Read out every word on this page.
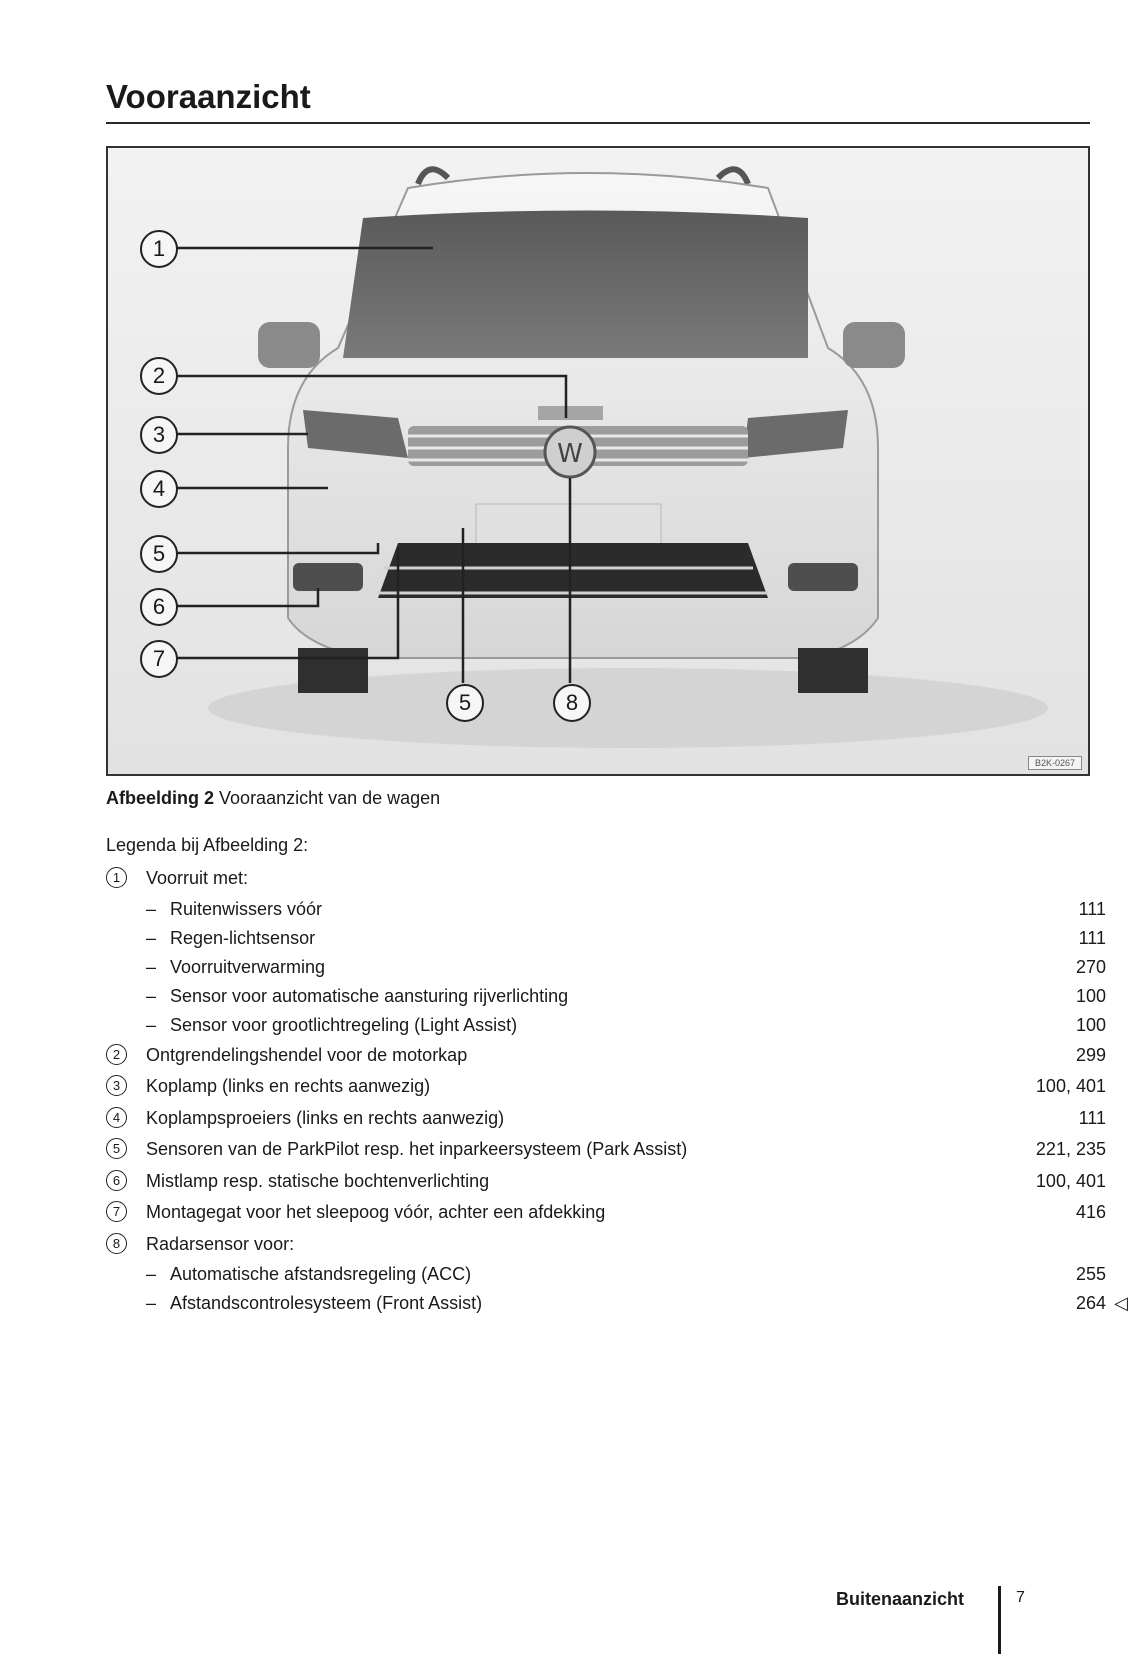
Vooraanzicht
W
1
2
3
4
5
6
7
5	8
B2K-0267
Afbeelding 2 Vooraanzicht van de wagen
Legenda bij Afbeelding 2:
1 Voorruit met:
– Ruitenwissers vóór	111
– Regen-lichtsensor	111
– Voorruitverwarming	270
– Sensor voor automatische aansturing rijverlichting	100
– Sensor voor grootlichtregeling (Light Assist)	100
2 Ontgrendelingshendel voor de motorkap	299
3 Koplamp (links en rechts aanwezig)	100, 401
4 Koplampsproeiers (links en rechts aanwezig)	111
5 Sensoren van de ParkPilot resp. het inparkeersysteem (Park Assist)	221, 235
6 Mistlamp resp. statische bochtenverlichting	100, 401
7 Montagegat voor het sleepoog vóór, achter een afdekking	416
8 Radarsensor voor:
– Automatische afstandsregeling (ACC)	255
– Afstandscontrolesysteem (Front Assist)	264 ◁
Buitenaanzicht	7
